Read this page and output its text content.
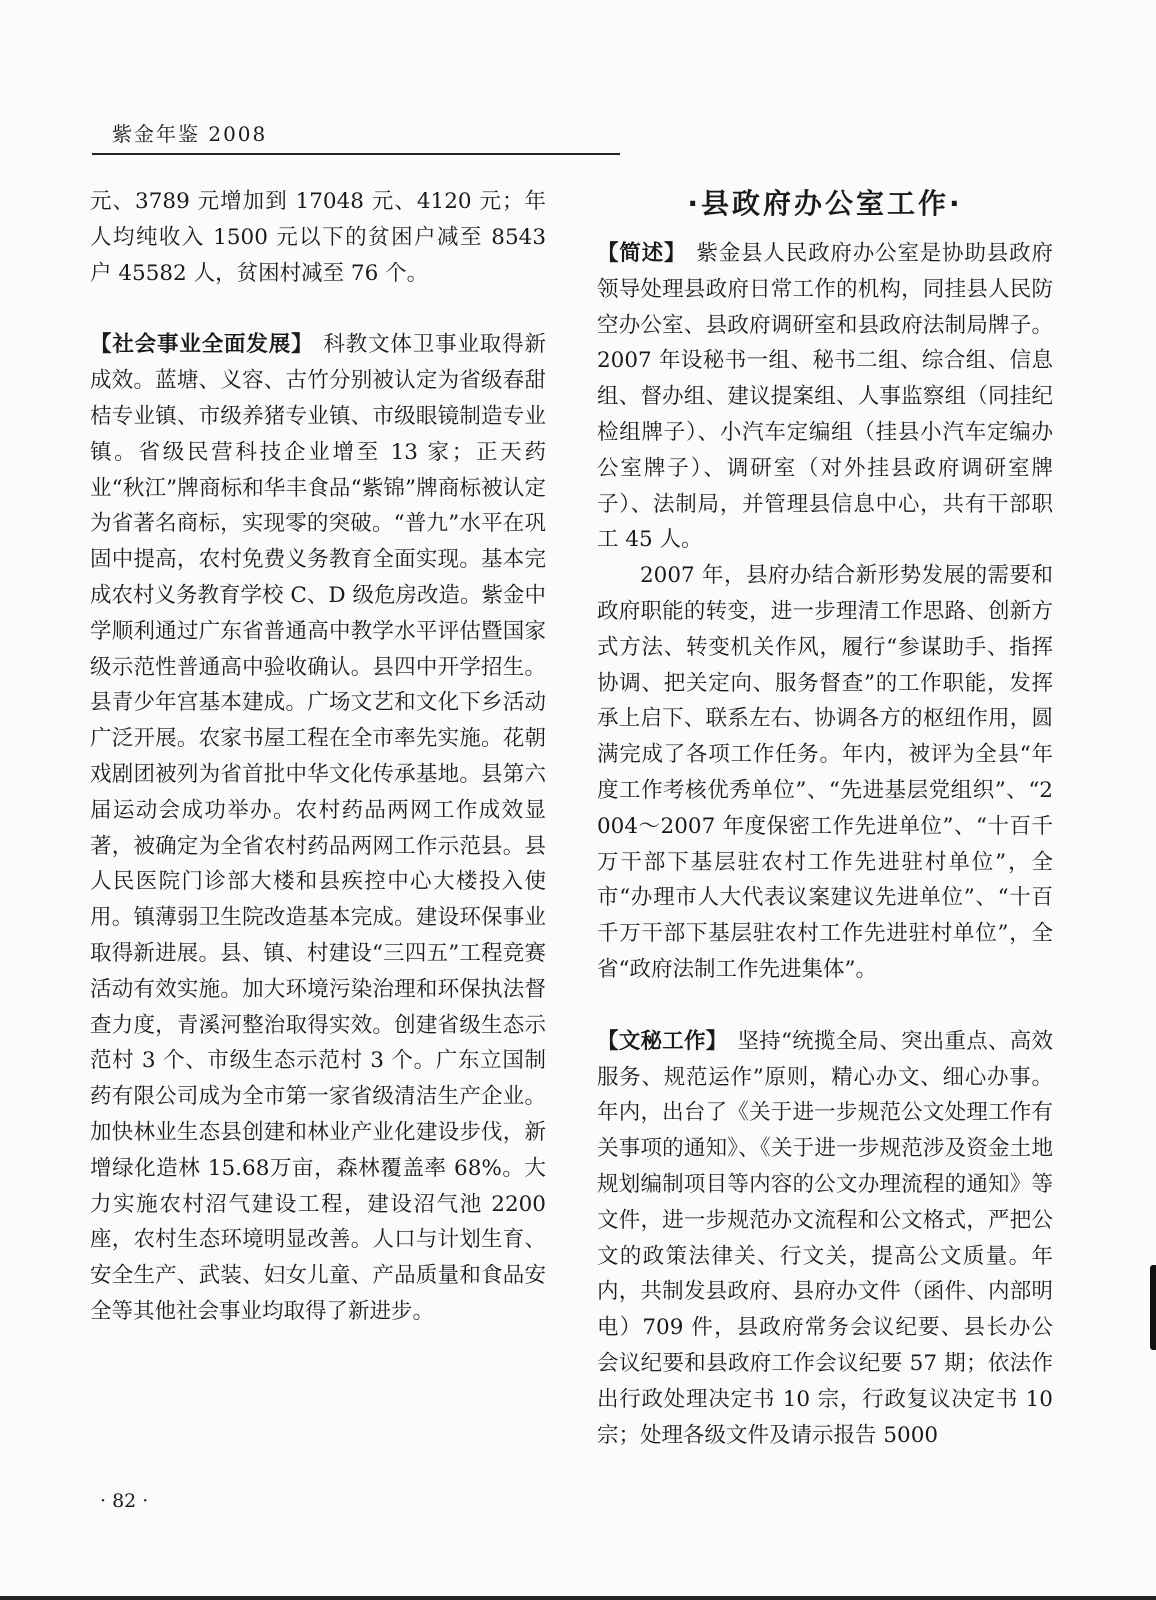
紫金年鉴 2008

元、3789 元增加到 17048 元、4120 元；年人均纯收入 1500 元以下的贫困户减至 8543 户 45582 人，贫困村减至 76 个。

【社会事业全面发展】 科教文体卫事业取得新成效。蓝塘、义容、古竹分别被认定为省级春甜桔专业镇、市级养猪专业镇、市级眼镜制造专业镇。省级民营科技企业增至 13 家；正天药业“秋江”牌商标和华丰食品“紫锦”牌商标被认定为省著名商标，实现零的突破。“普九”水平在巩固中提高，农村免费义务教育全面实现。基本完成农村义务教育学校 C、D 级危房改造。紫金中学顺利通过广东省普通高中教学水平评估暨国家级示范性普通高中验收确认。县四中开学招生。县青少年宫基本建成。广场文艺和文化下乡活动广泛开展。农家书屋工程在全市率先实施。花朝戏剧团被列为省首批中华文化传承基地。县第六届运动会成功举办。农村药品两网工作成效显著，被确定为全省农村药品两网工作示范县。县人民医院门诊部大楼和县疾控中心大楼投入使用。镇薄弱卫生院改造基本完成。建设环保事业取得新进展。县、镇、村建设“三四五”工程竞赛活动有效实施。加大环境污染治理和环保执法督查力度，青溪河整治取得实效。创建省级生态示范村 3 个、市级生态示范村 3 个。广东立国制药有限公司成为全市第一家省级清洁生产企业。加快林业生态县创建和林业产业化建设步伐，新增绿化造林 15.68万亩，森林覆盖率 68%。大力实施农村沼气建设工程，建设沼气池 2200 座，农村生态环境明显改善。人口与计划生育、安全生产、武装、妇女儿童、产品质量和食品安全等其他社会事业均取得了新进步。

·县政府办公室工作·

【简述】 紫金县人民政府办公室是协助县政府领导处理县政府日常工作的机构，同挂县人民防空办公室、县政府调研室和县政府法制局牌子。2007 年设秘书一组、秘书二组、综合组、信息组、督办组、建议提案组、人事监察组（同挂纪检组牌子）、小汽车定编组（挂县小汽车定编办公室牌子）、调研室（对外挂县政府调研室牌子）、法制局，并管理县信息中心，共有干部职工 45 人。

2007 年，县府办结合新形势发展的需要和政府职能的转变，进一步理清工作思路、创新方式方法、转变机关作风，履行“参谋助手、指挥协调、把关定向、服务督查”的工作职能，发挥承上启下、联系左右、协调各方的枢纽作用，圆满完成了各项工作任务。年内，被评为全县“年度工作考核优秀单位”、“先进基层党组织”、“2004～2007 年度保密工作先进单位”、“十百千万干部下基层驻农村工作先进驻村单位”，全市“办理市人大代表议案建议先进单位”、“十百千万干部下基层驻农村工作先进驻村单位”，全省“政府法制工作先进集体”。

【文秘工作】 坚持“统揽全局、突出重点、高效服务、规范运作”原则，精心办文、细心办事。年内，出台了《关于进一步规范公文处理工作有关事项的通知》、《关于进一步规范涉及资金土地规划编制项目等内容的公文办理流程的通知》等文件，进一步规范办文流程和公文格式，严把公文的政策法律关、行文关，提高公文质量。年内，共制发县政府、县府办文件（函件、内部明电）709 件，县政府常务会议纪要、县长办公会议纪要和县政府工作会议纪要 57 期；依法作出行政处理决定书 10 宗，行政复议决定书 10 宗；处理各级文件及请示报告 5000

· 82 ·
